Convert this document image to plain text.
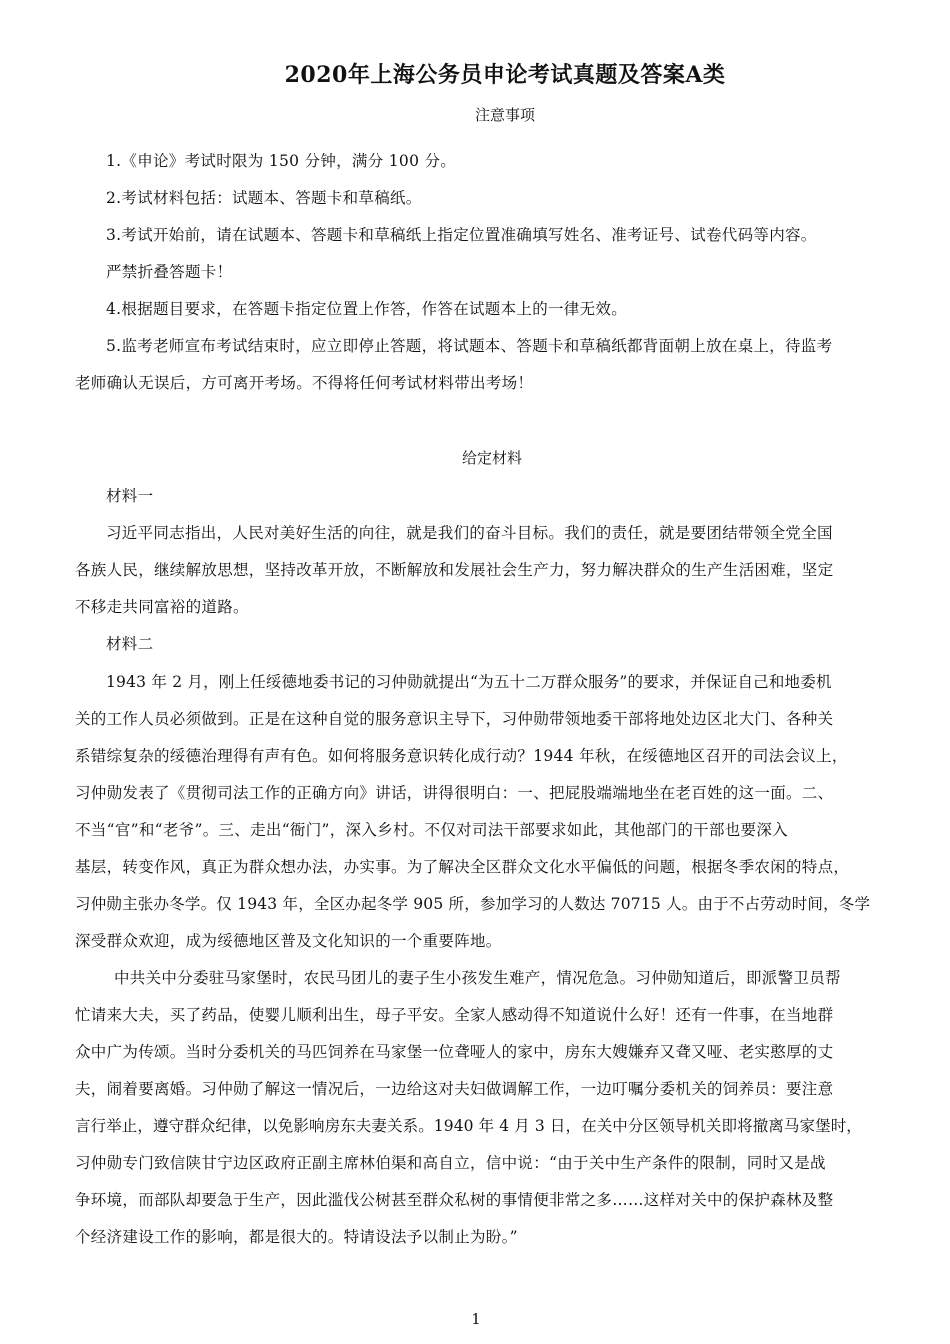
2020年上海公务员申论考试真题及答案A类
注意事项
1.《申论》考试时限为 150 分钟，满分 100 分。
2.考试材料包括：试题本、答题卡和草稿纸。
3.考试开始前，请在试题本、答题卡和草稿纸上指定位置准确填写姓名、准考证号、试卷代码等内容。
严禁折叠答题卡！
4.根据题目要求，在答题卡指定位置上作答，作答在试题本上的一律无效。
5.监考老师宣布考试结束时，应立即停止答题，将试题本、答题卡和草稿纸都背面朝上放在桌上，待监考
老师确认无误后，方可离开考场。不得将任何考试材料带出考场！
给定材料
材料一
习近平同志指出，人民对美好生活的向往，就是我们的奋斗目标。我们的责任，就是要团结带领全党全国
各族人民，继续解放思想，坚持改革开放，不断解放和发展社会生产力，努力解决群众的生产生活困难，坚定
不移走共同富裕的道路。
材料二
1943 年 2 月，刚上任绥德地委书记的习仲勋就提出“为五十二万群众服务”的要求，并保证自己和地委机
关的工作人员必须做到。正是在这种自觉的服务意识主导下，习仲勋带领地委干部将地处边区北大门、各种关
系错综复杂的绥德治理得有声有色。如何将服务意识转化成行动？1944 年秋，在绥德地区召开的司法会议上，
习仲勋发表了《贯彻司法工作的正确方向》讲话，讲得很明白：一、把屁股端端地坐在老百姓的这一面。二、
不当“官”和“老爷”。三、走出“衙门”，深入乡村。不仅对司法干部要求如此，其他部门的干部也要深入
基层，转变作风，真正为群众想办法，办实事。为了解决全区群众文化水平偏低的问题，根据冬季农闲的特点，
习仲勋主张办冬学。仅 1943 年，全区办起冬学 905 所，参加学习的人数达 70715 人。由于不占劳动时间，冬学
深受群众欢迎，成为绥德地区普及文化知识的一个重要阵地。
中共关中分委驻马家堡时，农民马团儿的妻子生小孩发生难产，情况危急。习仲勋知道后，即派警卫员帮
忙请来大夫，买了药品，使婴儿顺利出生，母子平安。全家人感动得不知道说什么好！还有一件事，在当地群
众中广为传颂。当时分委机关的马匹饲养在马家堡一位聋哑人的家中，房东大嫂嫌弃又聋又哑、老实憨厚的丈
夫，闹着要离婚。习仲勋了解这一情况后，一边给这对夫妇做调解工作，一边叮嘱分委机关的饲养员：要注意
言行举止，遵守群众纪律，以免影响房东夫妻关系。1940 年 4 月 3 日，在关中分区领导机关即将撤离马家堡时，
习仲勋专门致信陕甘宁边区政府正副主席林伯渠和高自立，信中说：“由于关中生产条件的限制，同时又是战
争环境，而部队却要急于生产，因此滥伐公树甚至群众私树的事情便非常之多……这样对关中的保护森林及整
个经济建设工作的影响，都是很大的。特请设法予以制止为盼。”
1
